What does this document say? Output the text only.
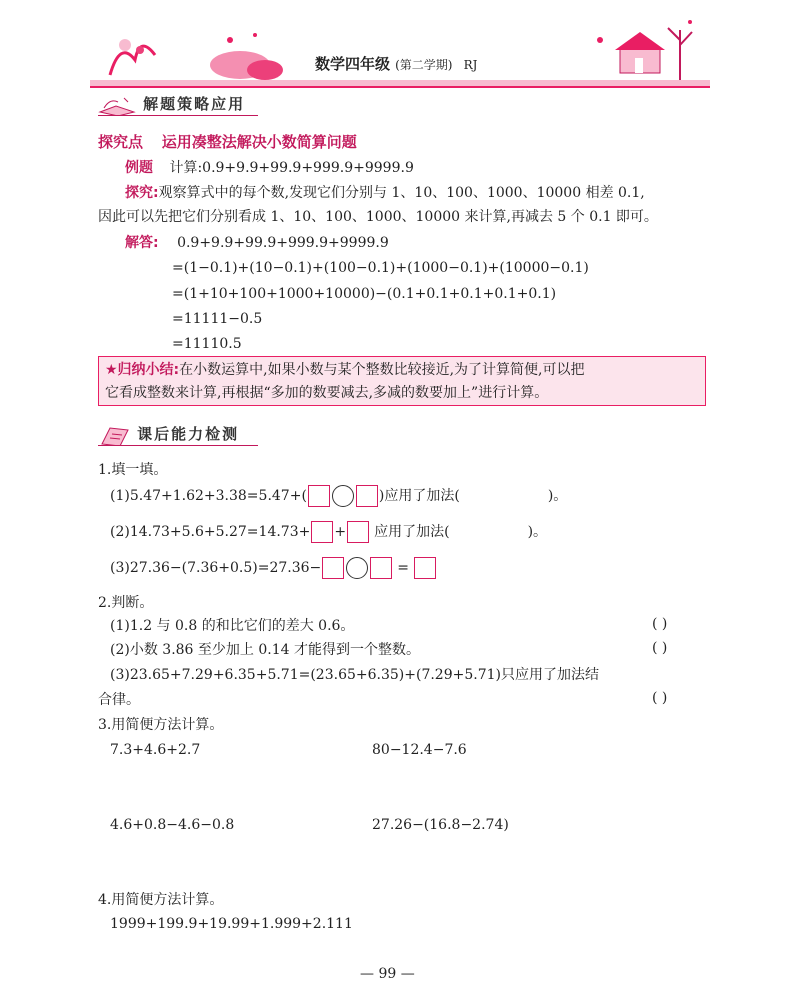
数学四年级 (第二学期) RJ
解题策略应用
探究点 运用凑整法解决小数简算问题
例题 计算:0.9+9.9+99.9+999.9+9999.9
探究:观察算式中的每个数,发现它们分别与 1、10、100、1000、10000 相差 0.1,
因此可以先把它们分别看成 1、10、100、1000、10000 来计算,再减去 5 个 0.1 即可。
解答: 0.9+9.9+99.9+999.9+9999.9
=(1−0.1)+(10−0.1)+(100−0.1)+(1000−0.1)+(10000−0.1)
=(1+10+100+1000+10000)−(0.1+0.1+0.1+0.1+0.1)
=11111−0.5
=11110.5
★归纳小结:在小数运算中,如果小数与某个整数比较接近,为了计算简便,可以把
它看成整数来计算,再根据“多加的数要减去,多减的数要加上”进行计算。
课后能力检测
1.填一填。
(1)5.47+1.62+3.38=5.47+(	)应用了加法(	)。
(2)14.73+5.6+5.27=14.73+ + 应用了加法(	)。
(3)27.36−(7.36+0.5)=27.36−	=
2.判断。
(1)1.2 与 0.8 的和比它们的差大 0.6。	( )
(2)小数 3.86 至少加上 0.14 才能得到一个整数。	( )
(3)23.65+7.29+6.35+5.71=(23.65+6.35)+(7.29+5.71)只应用了加法结
合律。	( )
3.用简便方法计算。
7.3+4.6+2.7	80−12.4−7.6
4.6+0.8−4.6−0.8	27.26−(16.8−2.74)
4.用简便方法计算。
1999+199.9+19.99+1.999+2.111
— 99 —
